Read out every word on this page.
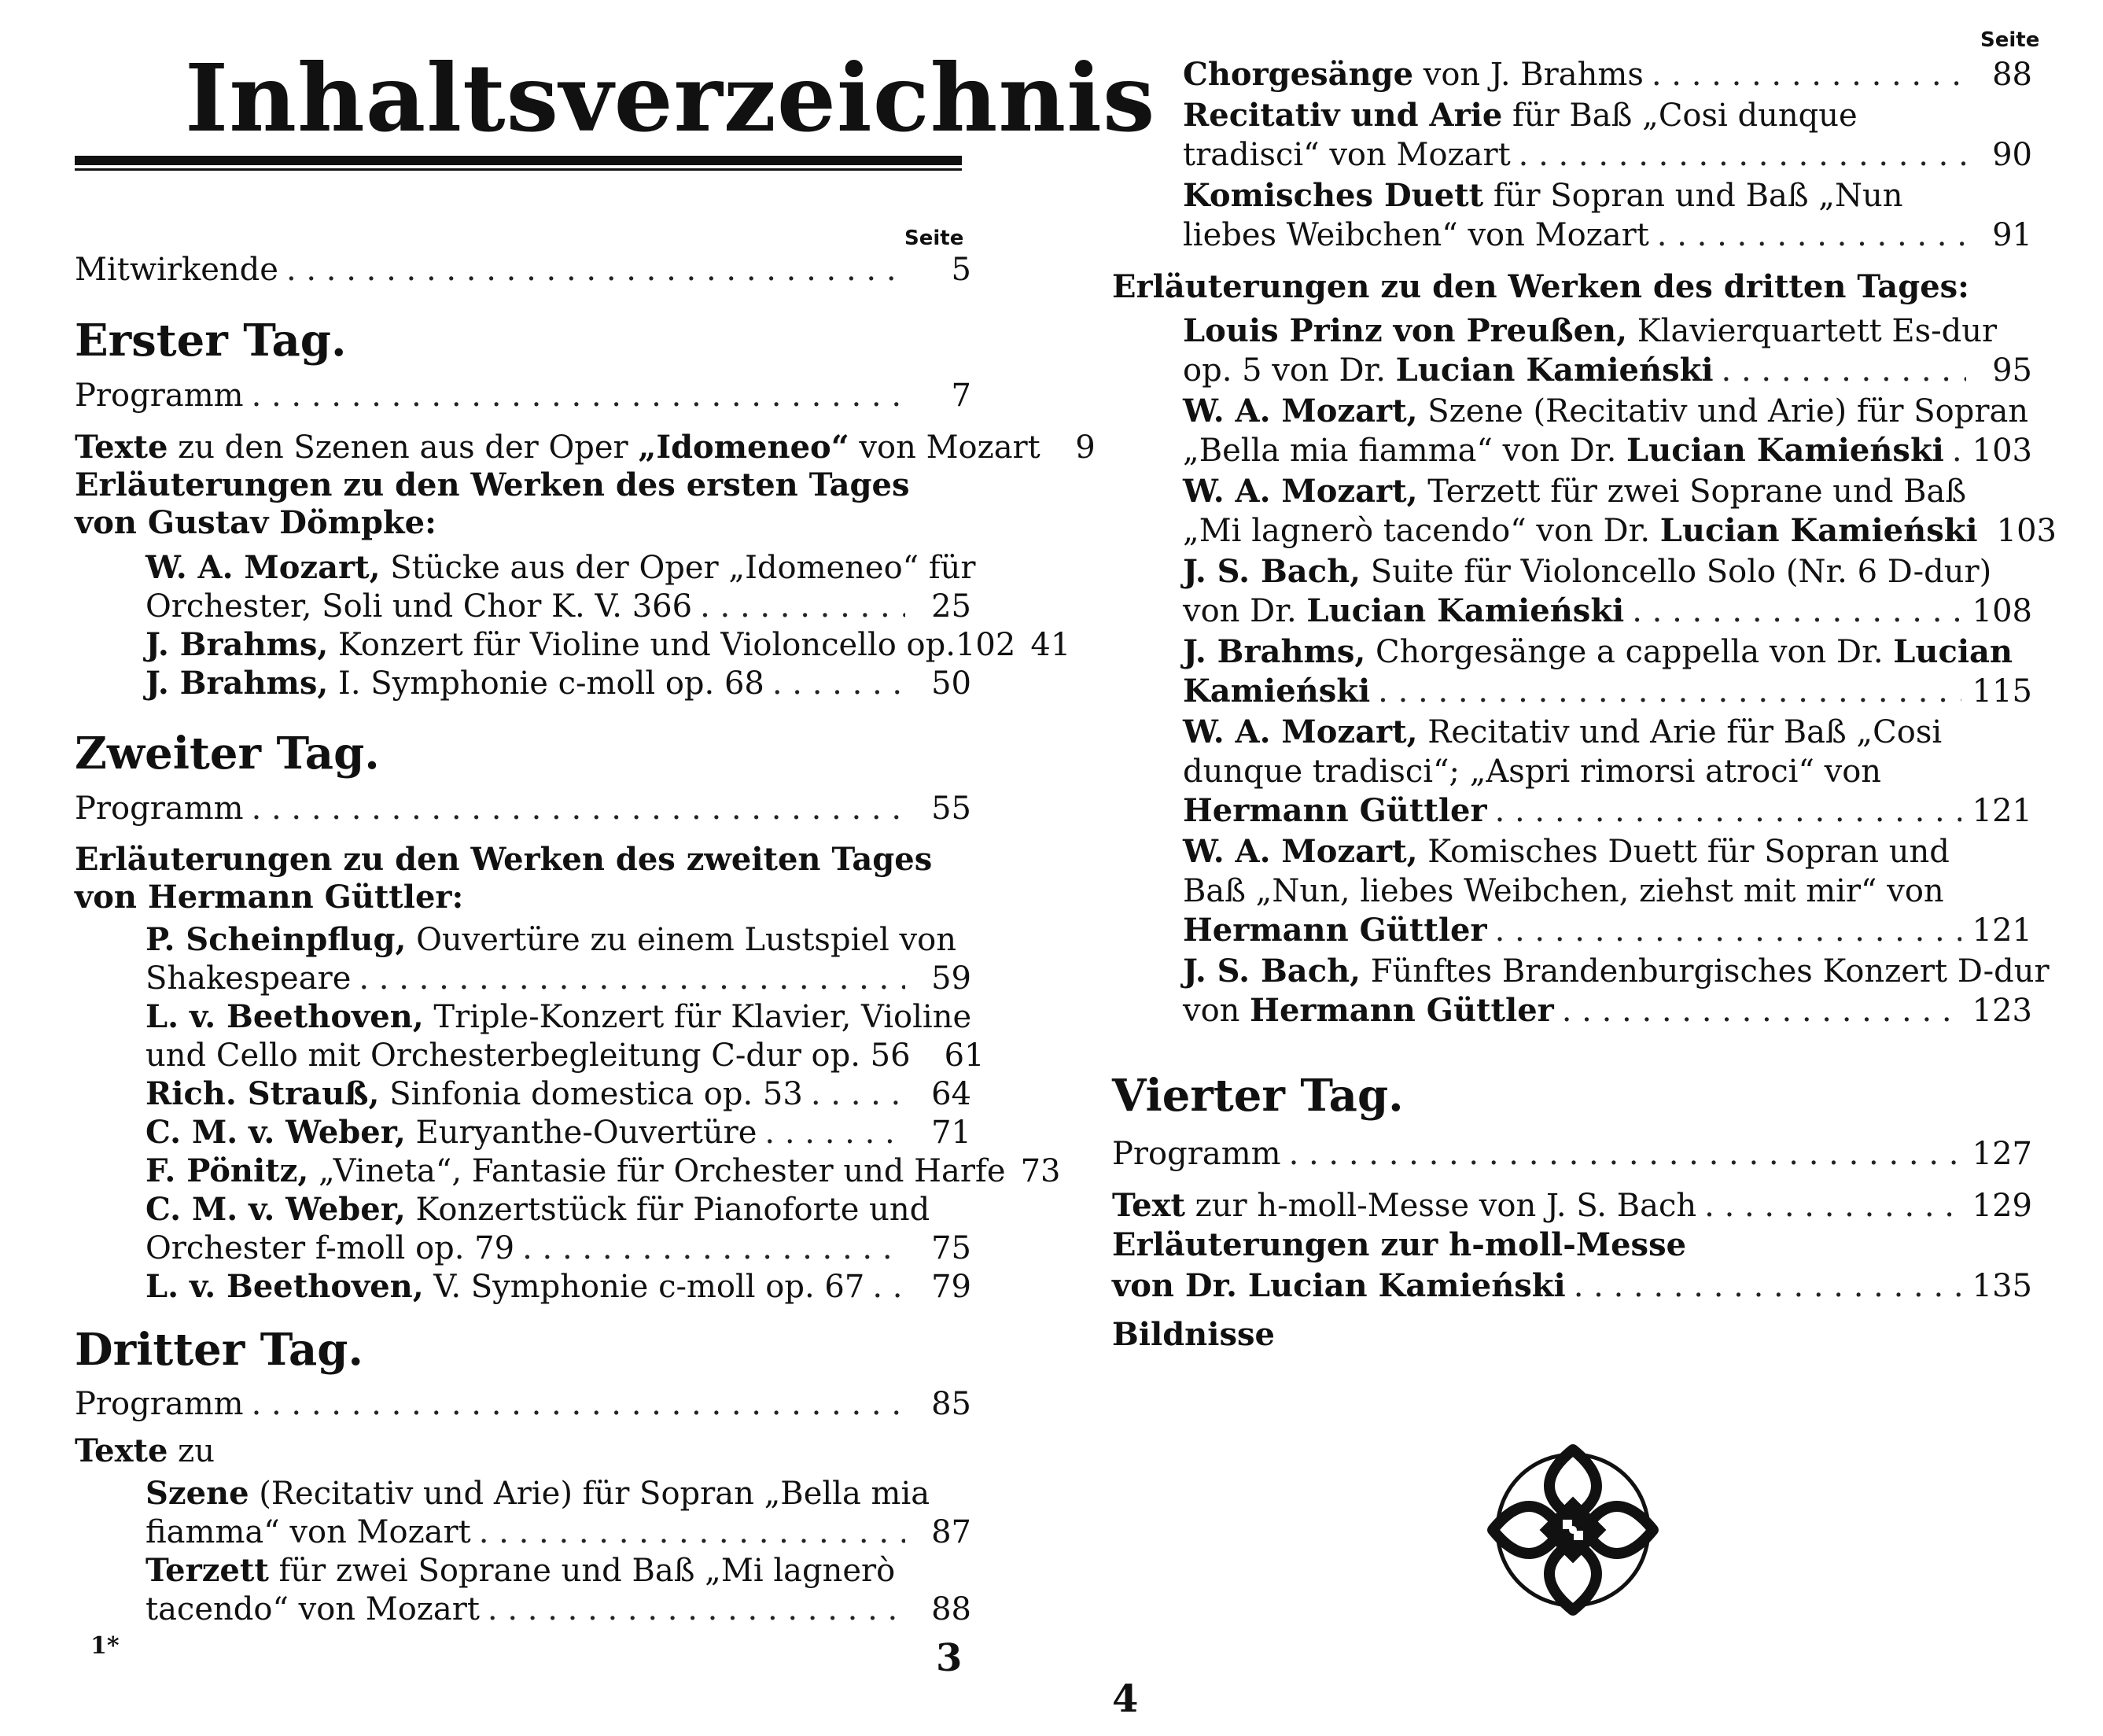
Inhaltsverzeichnis
Seite
Mitwirkende . . .	5
Erster Tag.
Programm . . .	7
Texte zu den Szenen aus der Oper „Idomeneo“ von Mozart	9
Erläuterungen zu den Werken des ersten Tages
von Gustav Dömpke:
W. A. Mozart, Stücke aus der Oper „Idomeneo“ für
Orchester, Soli und Chor K. V. 366 . . .	25
J. Brahms, Konzert für Violine und Violoncello op.102 41
J. Brahms, I. Symphonie c-moll op. 68 . . .	50
Zweiter Tag.
Programm . . .	55
Erläuterungen zu den Werken des zweiten Tages
von Hermann Güttler:
P. Scheinpflug, Ouvertüre zu einem Lustspiel von
Shakespeare . . .	59
L. v. Beethoven, Triple-Konzert für Klavier, Violine
und Cello mit Orchesterbegleitung C-dur op. 56	61
Rich. Strauß, Sinfonia domestica op. 53 . . .	64
C. M. v. Weber, Euryanthe-Ouvertüre . . .	71
F. Pönitz, „Vineta“, Fantasie für Orchester und Harfe 73
C. M. v. Weber, Konzertstück für Pianoforte und
Orchester f-moll op. 79 . . .	75
L. v. Beethoven, V. Symphonie c-moll op. 67 . . .	79
Dritter Tag.
Programm . . .	85
Texte zu
Szene (Recitativ und Arie) für Sopran „Bella mia
fiamma“ von Mozart . . .	87
Terzett für zwei Soprane und Baß „Mi lagnerò
tacendo“ von Mozart . . .	88
1*	3
Seite
Chorgesänge von J. Brahms . . .	88
Recitativ und Arie für Baß „Cosi dunque
tradisci“ von Mozart . . .	90
Komisches Duett für Sopran und Baß „Nun
liebes Weibchen“ von Mozart . . .	91
Erläuterungen zu den Werken des dritten Tages:
Louis Prinz von Preußen, Klavierquartett Es-dur
op. 5 von Dr. Lucian Kamieński . . .	95
W. A. Mozart, Szene (Recitativ und Arie) für Sopran
„Bella mia fiamma“ von Dr. Lucian Kamieński . . . 103
W. A. Mozart, Terzett für zwei Soprane und Baß
„Mi lagnerò tacendo“ von Dr. Lucian Kamieński 103
J. S. Bach, Suite für Violoncello Solo (Nr. 6 D-dur)
von Dr. Lucian Kamieński . . .	108
J. Brahms, Chorgesänge a cappella von Dr. Lucian
Kamieński . . .	115
W. A. Mozart, Recitativ und Arie für Baß „Cosi
dunque tradisci“; „Aspri rimorsi atroci“ von
Hermann Güttler . . .	121
W. A. Mozart, Komisches Duett für Sopran und
Baß „Nun, liebes Weibchen, ziehst mit mir“ von
Hermann Güttler . . .	121
J. S. Bach, Fünftes Brandenburgisches Konzert D-dur
von Hermann Güttler . . .	123
Vierter Tag.
Programm . . .	127
Text zur h-moll-Messe von J. S. Bach . . .	129
Erläuterungen zur h-moll-Messe
von Dr. Lucian Kamieński . . .	135
Bildnisse
4
